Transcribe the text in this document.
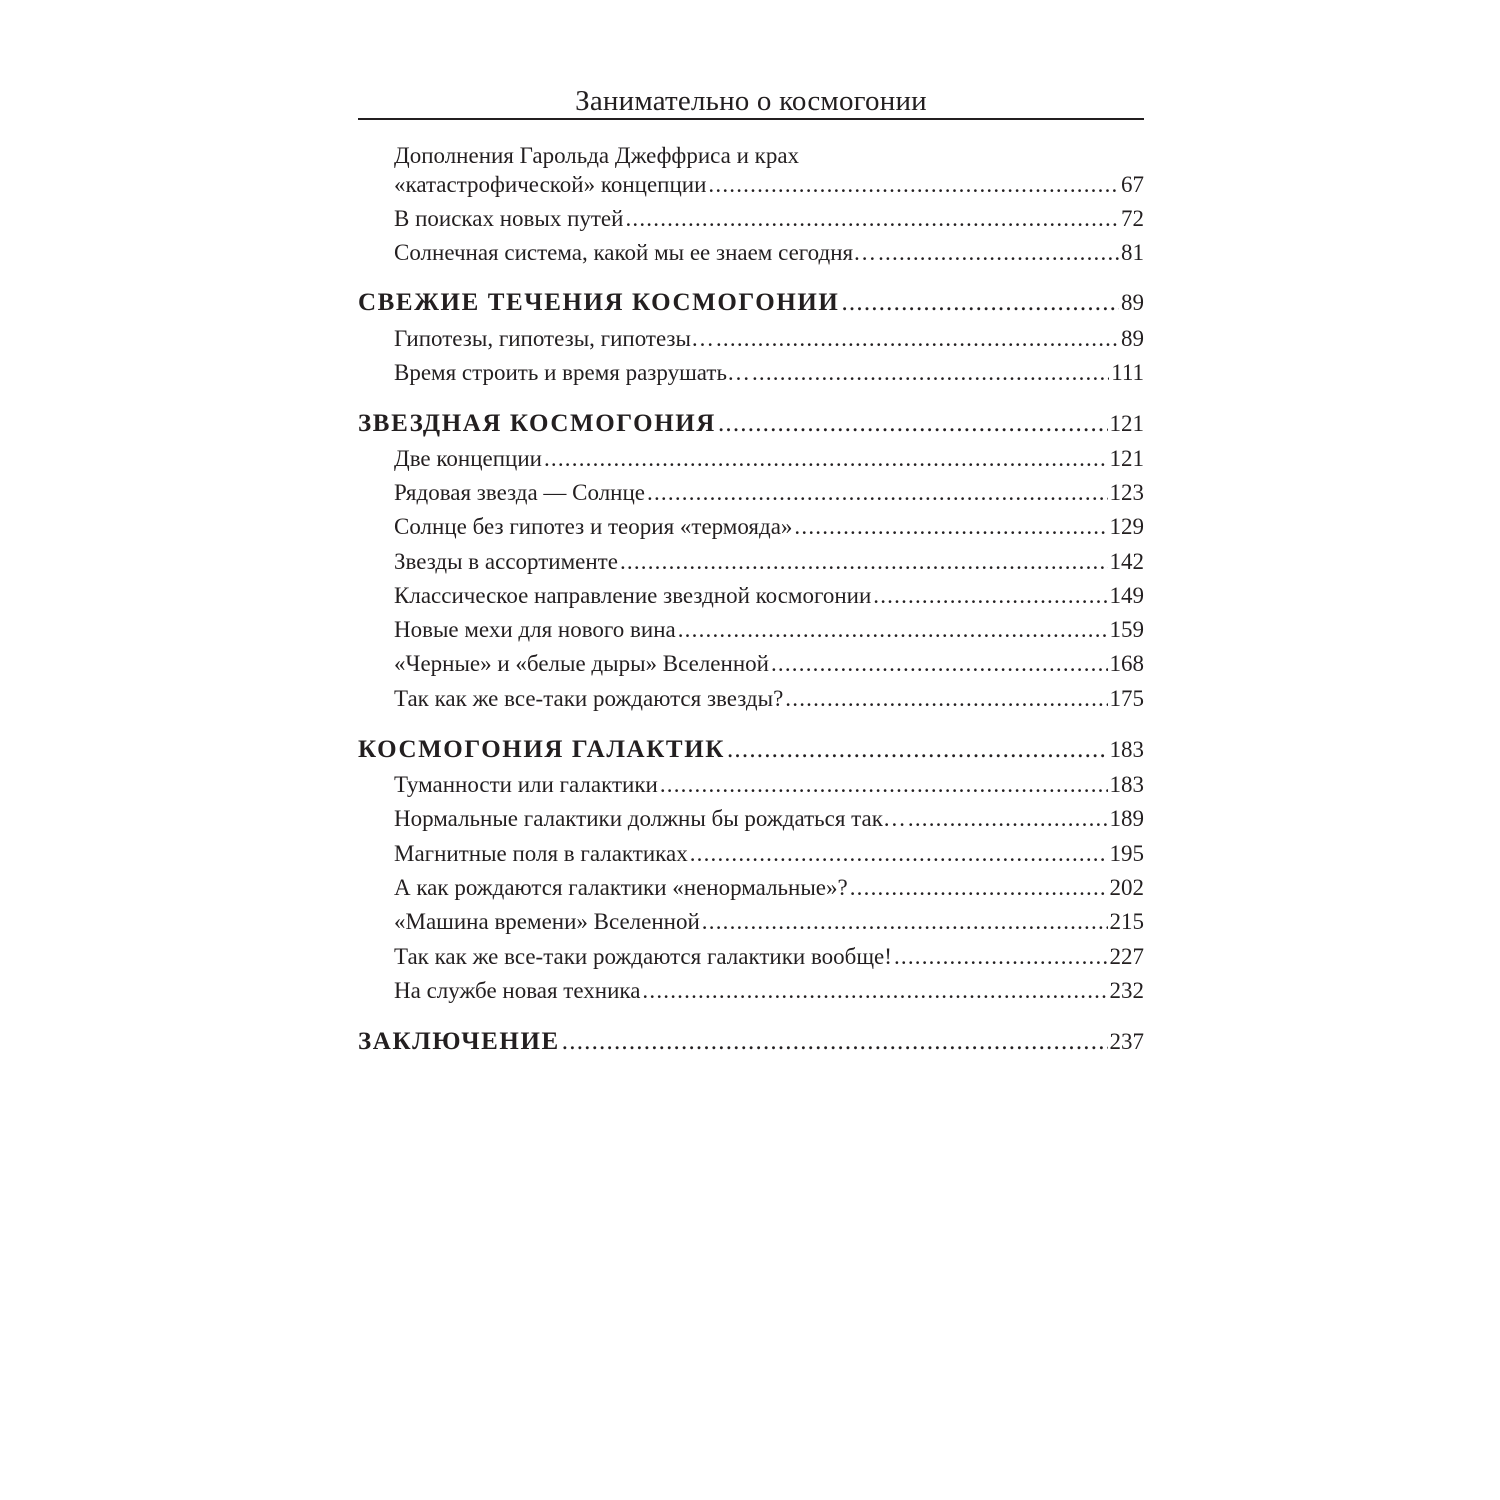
Занимательно о космогонии
Дополнения Гарольда Джеффриса и крах
«катастрофической» концепции .....	67
В поисках новых путей .....	72
Солнечная система, какой мы ее знаем сегодня… .....	81
СВЕЖИЕ ТЕЧЕНИЯ КОСМОГОНИИ .....	89
Гипотезы, гипотезы, гипотезы… .....	89
Время строить и время разрушать… .....	111
ЗВЕЗДНАЯ КОСМОГОНИЯ .....	121
Две концепции .....	121
Рядовая звезда — Солнце .....	123
Солнце без гипотез и теория «термояда» .....	129
Звезды в ассортименте .....	142
Классическое направление звездной космогонии .....	149
Новые мехи для нового вина .....	159
«Черные» и «белые дыры» Вселенной .....	168
Так как же все-таки рождаются звезды? .....	175
КОСМОГОНИЯ ГАЛАКТИК .....	183
Туманности или галактики .....	183
Нормальные галактики должны бы рождаться так… .....	189
Магнитные поля в галактиках .....	195
А как рождаются галактики «ненормальные»? .....	202
«Машина времени» Вселенной .....	215
Так как же все-таки рождаются галактики вообще! .....	227
На службе новая техника .....	232
ЗАКЛЮЧЕНИЕ .....	237
